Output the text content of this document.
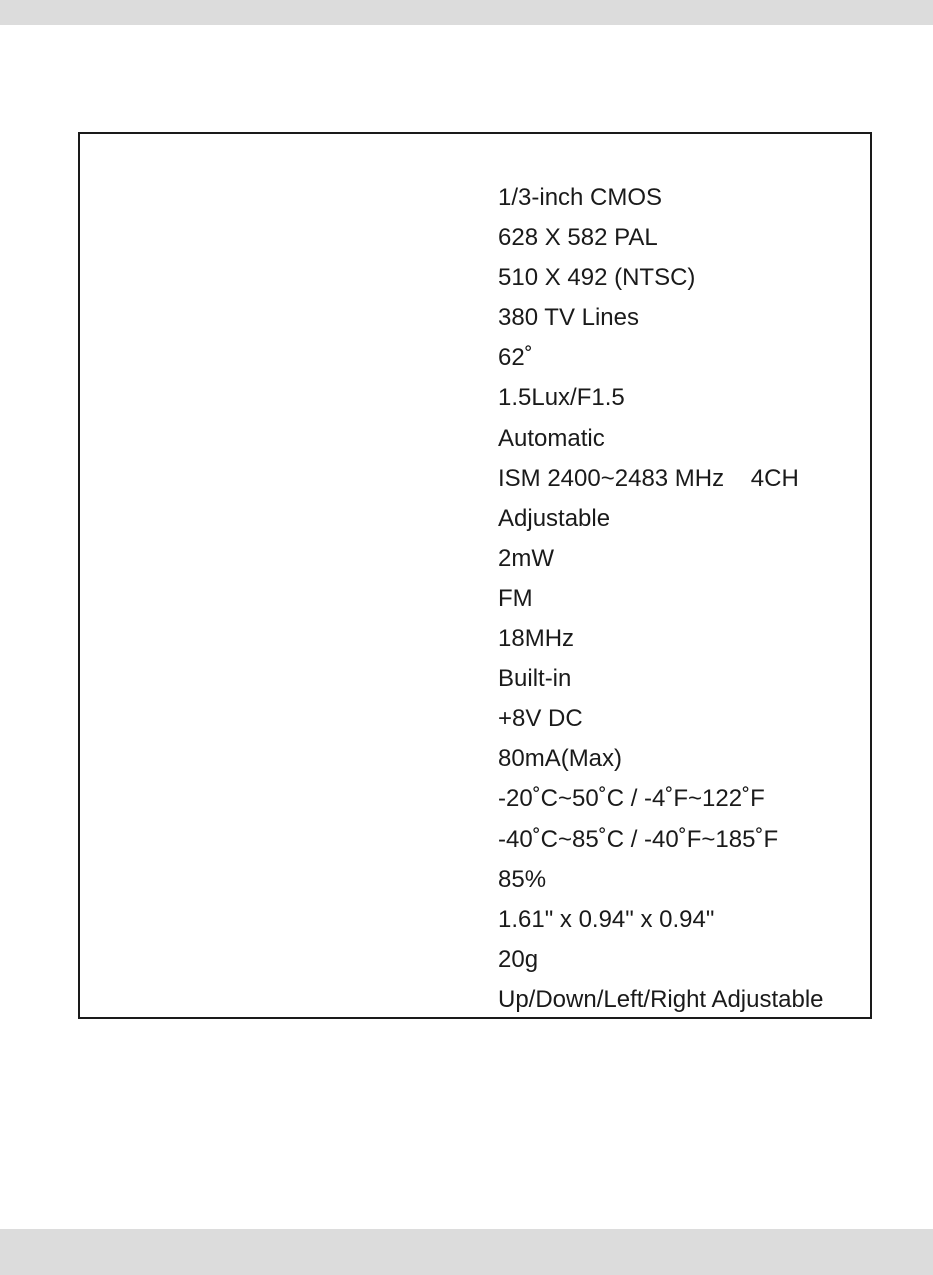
1/3-inch CMOS
628 X 582 PAL
510 X 492 (NTSC)
380 TV Lines
62˚
1.5Lux/F1.5
Automatic
ISM 2400~2483 MHz    4CH
Adjustable
2mW
FM
18MHz
Built-in
+8V DC
80mA(Max)
-20˚C~50˚C / -4˚F~122˚F
-40˚C~85˚C / -40˚F~185˚F
85%
1.61" x 0.94" x 0.94"
20g
Up/Down/Left/Right Adjustable
